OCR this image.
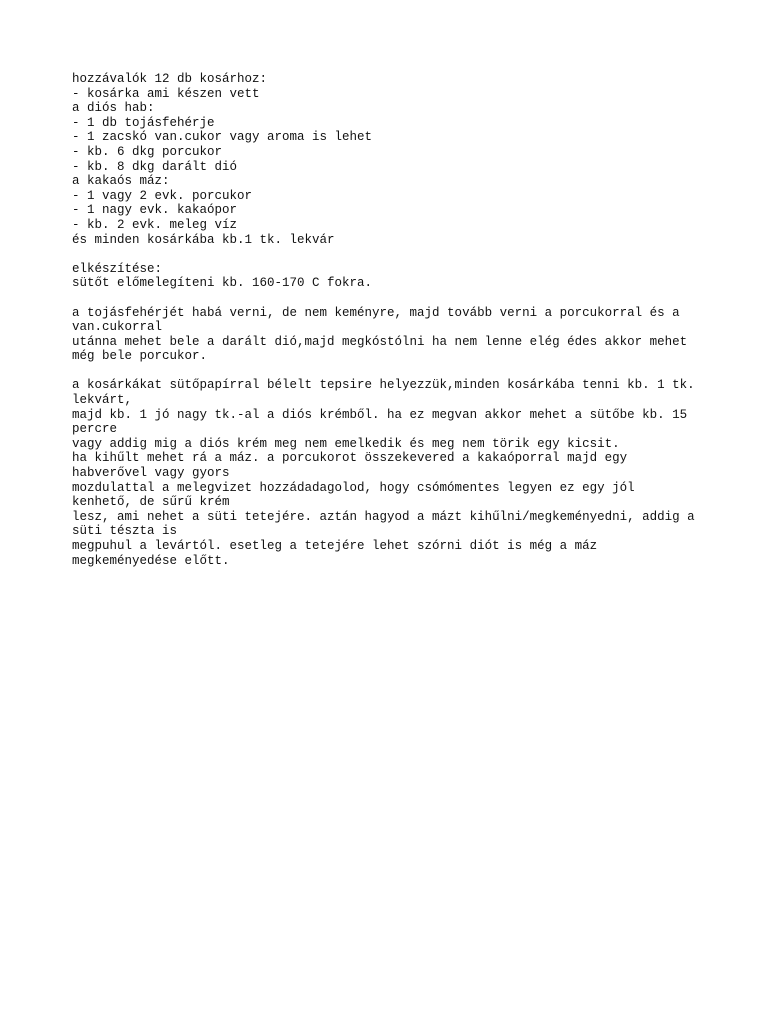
hozzávalók 12 db kosárhoz:
- kosárka ami készen vett
a diós hab:
- 1 db tojásfehérje
- 1 zacskó van.cukor vagy aroma is lehet
- kb. 6 dkg porcukor
- kb. 8 dkg darált dió
a kakaós máz:
- 1 vagy 2 evk. porcukor
- 1 nagy evk. kakaópor
- kb. 2 evk. meleg víz
és minden kosárkába kb.1 tk. lekvár
elkészítése:
sütőt előmelegíteni kb. 160-170 C fokra.
a tojásfehérjét habá verni, de nem keményre, majd tovább verni a porcukorral és a
van.cukorral
utánna mehet bele a darált dió,majd megkóstólni ha nem lenne elég édes akkor mehet
még bele porcukor.
a kosárkákat sütőpapírral bélelt tepsire helyezzük,minden kosárkába tenni kb. 1 tk.
lekvárt,
majd kb. 1 jó nagy tk.-al a diós krémből. ha ez megvan akkor mehet a sütőbe kb. 15
percre
vagy addig mig a diós krém meg nem emelkedik és meg nem törik egy kicsit.
ha kihűlt mehet rá a máz. a porcukorot összekevered a kakaóporral majd egy
habverővel vagy gyors
mozdulattal a melegvizet hozzádadagolod, hogy csómómentes legyen ez egy jól
kenhető, de sűrű krém
lesz, ami nehet a süti tetejére. aztán hagyod a mázt kihűlni/megkeményedni, addig a
süti tészta is
megpuhul a levártól. esetleg a tetejére lehet szórni diót is még a máz
megkeményedése előtt.
